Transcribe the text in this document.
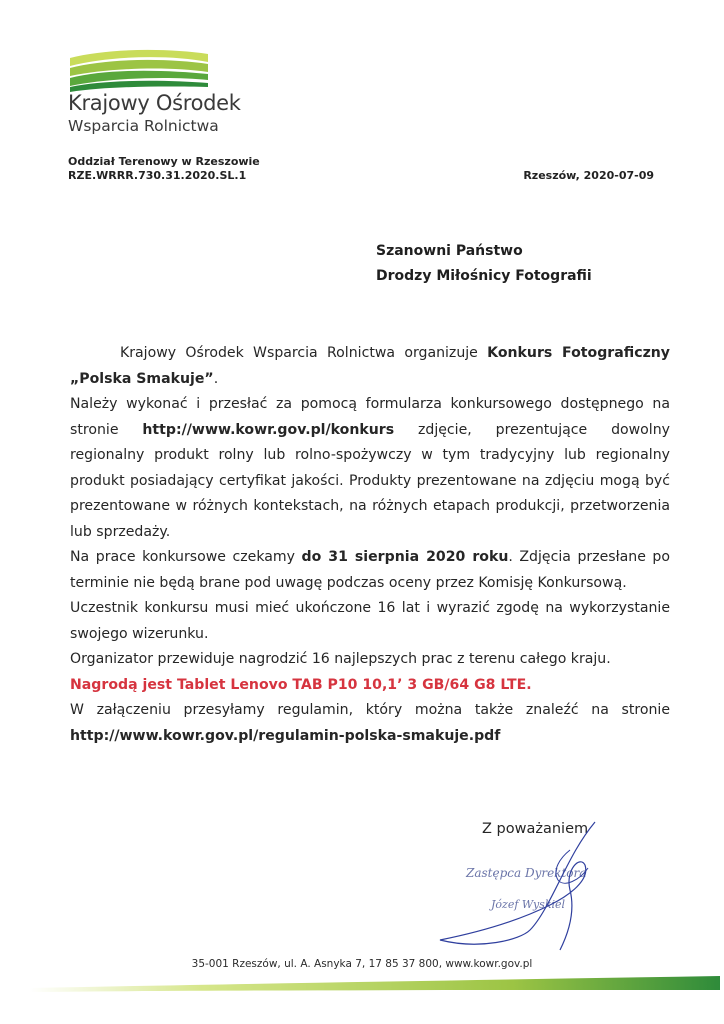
Krajowy Ośrodek
Wsparcia Rolnictwa
Oddział Terenowy w Rzeszowie
RZE.WRRR.730.31.2020.SL.1	Rzeszów, 2020-07-09
Szanowni Państwo
Drodzy Miłośnicy Fotografii

Krajowy Ośrodek Wsparcia Rolnictwa organizuje Konkurs Fotograficzny „Polska Smakuje”.

Należy wykonać i przesłać za pomocą formularza konkursowego dostępnego na stronie http://www.kowr.gov.pl/konkurs zdjęcie, prezentujące dowolny regionalny produkt rolny lub rolno-spożywczy w tym tradycyjny lub regionalny produkt posiadający certyfikat jakości. Produkty prezentowane na zdjęciu mogą być prezentowane w różnych kontekstach, na różnych etapach produkcji, przetworzenia lub sprzedaży.

Na prace konkursowe czekamy do 31 sierpnia 2020 roku. Zdjęcia przesłane po terminie nie będą brane pod uwagę podczas oceny przez Komisję Konkursową.

Uczestnik konkursu musi mieć ukończone 16 lat i wyrazić zgodę na wykorzystanie swojego wizerunku.

Organizator przewiduje nagrodzić 16 najlepszych prac z terenu całego kraju.

Nagrodą jest Tablet Lenovo TAB P10 10,1’ 3 GB/64 G8 LTE.

W załączeniu przesyłamy regulamin, który można także znaleźć na stronie http://www.kowr.gov.pl/regulamin-polska-smakuje.pdf

Z poważaniem
Zastępca Dyrektora
Józef Wyskiel
35-001 Rzeszów, ul. A. Asnyka 7, 17 85 37 800, www.kowr.gov.pl
